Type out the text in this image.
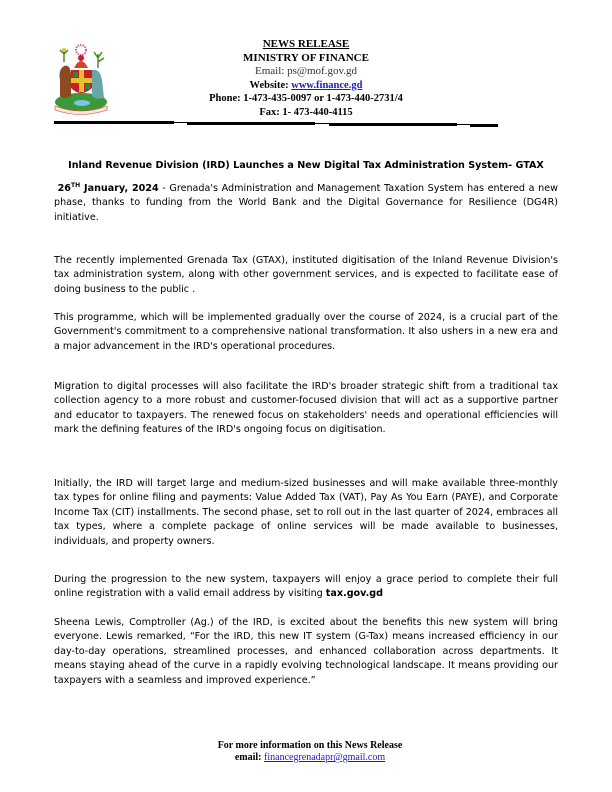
NEWS RELEASE
MINISTRY OF FINANCE
Email: ps@mof.gov.gd
Website: www.finance.gd
Phone: 1-473-435-0097 or 1-473-440-2731/4
Fax: 1- 473-440-4115
Inland Revenue Division (IRD) Launches a New Digital Tax Administration System- GTAX
26TH January, 2024 - Grenada's Administration and Management Taxation System has entered a new phase, thanks to funding from the World Bank and the Digital Governance for Resilience (DG4R) initiative.
The recently implemented Grenada Tax (GTAX), instituted digitisation of the Inland Revenue Division's tax administration system, along with other government services, and is expected to facilitate ease of doing business to the public .
This programme, which will be implemented gradually over the course of 2024, is a crucial part of the Government's commitment to a comprehensive national transformation. It also ushers in a new era and a major advancement in the IRD's operational procedures.
Migration to digital processes will also facilitate the IRD's broader strategic shift from a traditional tax collection agency to a more robust and customer-focused division that will act as a supportive partner and educator to taxpayers. The renewed focus on stakeholders' needs and operational efficiencies will mark the defining features of the IRD's ongoing focus on digitisation.
Initially, the IRD will target large and medium-sized businesses and will make available three-monthly tax types for online filing and payments: Value Added Tax (VAT), Pay As You Earn (PAYE), and Corporate Income Tax (CIT) installments. The second phase, set to roll out in the last quarter of 2024, embraces all tax types, where a complete package of online services will be made available to businesses, individuals, and property owners.
During the progression to the new system, taxpayers will enjoy a grace period to complete their full online registration with a valid email address by visiting tax.gov.gd
Sheena Lewis, Comptroller (Ag.) of the IRD, is excited about the benefits this new system will bring everyone. Lewis remarked, “For the IRD, this new IT system (G-Tax) means increased efficiency in our day-to-day operations, streamlined processes, and enhanced collaboration across departments. It means staying ahead of the curve in a rapidly evolving technological landscape. It means providing our taxpayers with a seamless and improved experience.”
For more information on this News Release
email: financegrenadapr@gmail.com
